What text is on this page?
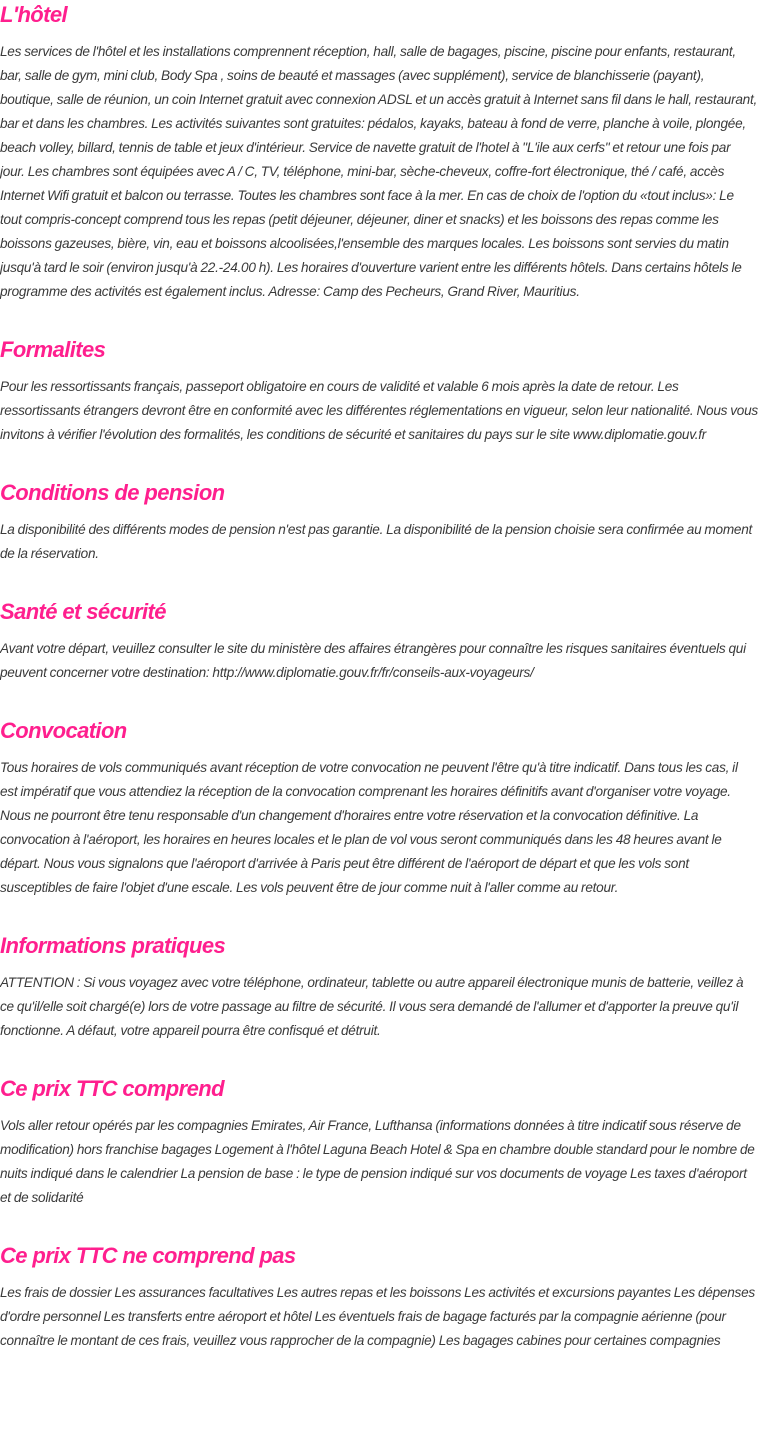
L'hôtel

Les services de l'hôtel et les installations comprennent réception, hall, salle de bagages, piscine, piscine pour enfants, restaurant, bar, salle de gym, mini club, Body Spa , soins de beauté et massages (avec supplément), service de blanchisserie (payant), boutique, salle de réunion, un coin Internet gratuit avec connexion ADSL et un accès gratuit à Internet sans fil dans le hall, restaurant, bar et dans les chambres. Les activités suivantes sont gratuites: pédalos, kayaks, bateau à fond de verre, planche à voile, plongée, beach volley, billard, tennis de table et jeux d'intérieur. Service de navette gratuit de l'hotel à "L'ile aux cerfs" et retour une fois par jour. Les chambres sont équipées avec A / C, TV, téléphone, mini-bar, sèche-cheveux, coffre-fort électronique, thé / café, accès Internet Wifi gratuit et balcon ou terrasse. Toutes les chambres sont face à la mer. En cas de choix de l'option du «tout inclus»: Le tout compris-concept comprend tous les repas (petit déjeuner, déjeuner, diner et snacks) et les boissons des repas comme les boissons gazeuses, bière, vin, eau et boissons alcoolisées,l'ensemble des marques locales. Les boissons sont servies du matin jusqu'à tard le soir (environ jusqu'à 22.-24.00 h). Les horaires d'ouverture varient entre les différents hôtels. Dans certains hôtels le programme des activités est également inclus. Adresse: Camp des Pecheurs, Grand River, Mauritius.

Formalites

Pour les ressortissants français, passeport obligatoire en cours de validité et valable 6 mois après la date de retour. Les ressortissants étrangers devront être en conformité avec les différentes réglementations en vigueur, selon leur nationalité. Nous vous invitons à vérifier l'évolution des formalités, les conditions de sécurité et sanitaires du pays sur le site www.diplomatie.gouv.fr

Conditions de pension

La disponibilité des différents modes de pension n'est pas garantie. La disponibilité de la pension choisie sera confirmée au moment de la réservation.

Santé et sécurité

Avant votre départ, veuillez consulter le site du ministère des affaires étrangères pour connaître les risques sanitaires éventuels qui peuvent concerner votre destination: http://www.diplomatie.gouv.fr/fr/conseils-aux-voyageurs/

Convocation

Tous horaires de vols communiqués avant réception de votre convocation ne peuvent l'être qu'à titre indicatif. Dans tous les cas, il est impératif que vous attendiez la réception de la convocation comprenant les horaires définitifs avant d'organiser votre voyage. Nous ne pourront être tenu responsable d'un changement d'horaires entre votre réservation et la convocation définitive. La convocation à l'aéroport, les horaires en heures locales et le plan de vol vous seront communiqués dans les 48 heures avant le départ. Nous vous signalons que l'aéroport d'arrivée à Paris peut être différent de l'aéroport de départ et que les vols sont susceptibles de faire l'objet d'une escale. Les vols peuvent être de jour comme nuit à l'aller comme au retour.

Informations pratiques

ATTENTION : Si vous voyagez avec votre téléphone, ordinateur, tablette ou autre appareil électronique munis de batterie, veillez à ce qu'il/elle soit chargé(e) lors de votre passage au filtre de sécurité. Il vous sera demandé de l'allumer et d'apporter la preuve qu'il fonctionne. A défaut, votre appareil pourra être confisqué et détruit.

Ce prix TTC comprend

Vols aller retour opérés par les compagnies Emirates, Air France, Lufthansa (informations données à titre indicatif sous réserve de modification) hors franchise bagages Logement à l'hôtel Laguna Beach Hotel & Spa en chambre double standard pour le nombre de nuits indiqué dans le calendrier La pension de base : le type de pension indiqué sur vos documents de voyage Les taxes d'aéroport et de solidarité

Ce prix TTC ne comprend pas

Les frais de dossier Les assurances facultatives Les autres repas et les boissons Les activités et excursions payantes Les dépenses d'ordre personnel Les transferts entre aéroport et hôtel Les éventuels frais de bagage facturés par la compagnie aérienne (pour connaître le montant de ces frais, veuillez vous rapprocher de la compagnie) Les bagages cabines pour certaines compagnies
